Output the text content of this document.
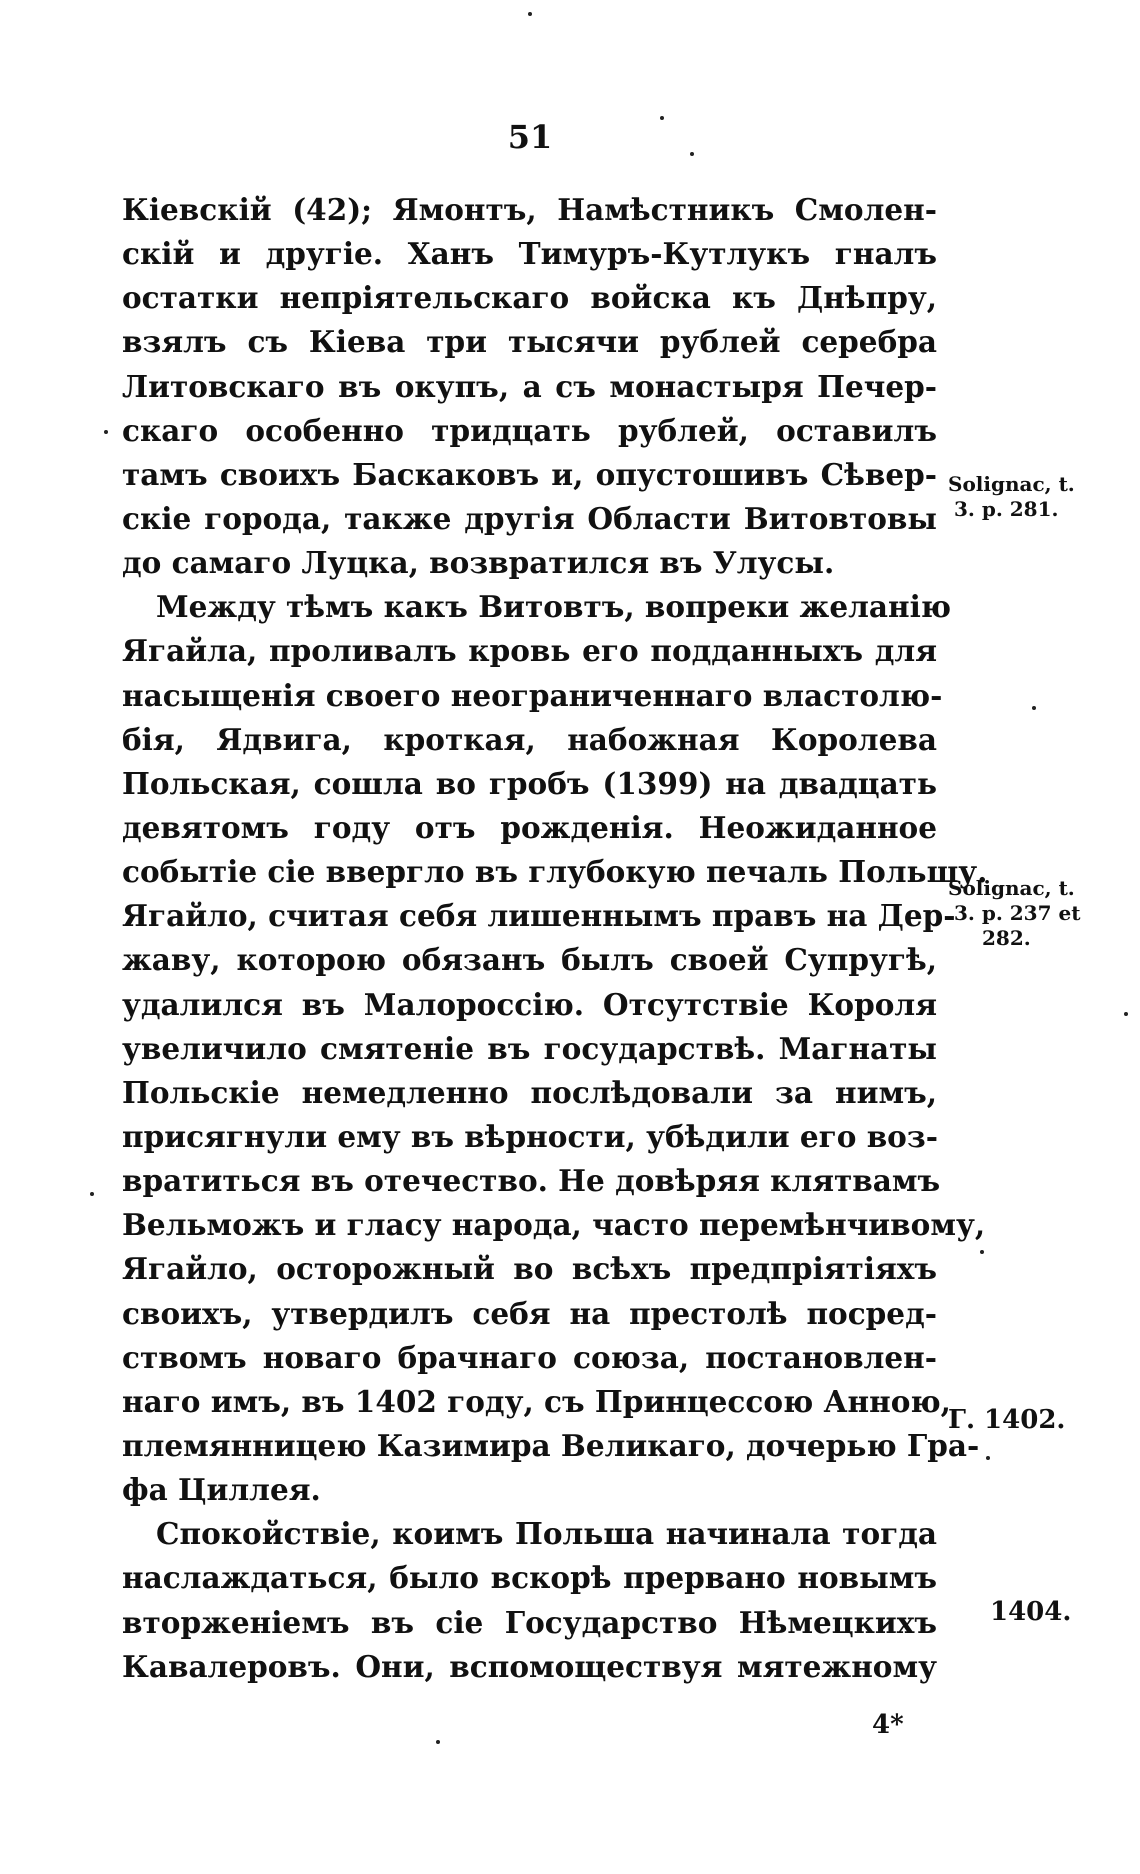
51
Кіевскій (42); Ямонтъ, Намѣстникъ Смолен-
скій и другіе. Ханъ Тимуръ-Кутлукъ гналъ
остатки непріятельскаго войска къ Днѣпру,
взялъ съ Кіева три тысячи рублей серебра
Литовскаго въ окупъ, а съ монастыря Печер-
скаго особенно тридцать рублей, оставилъ
тамъ своихъ Баскаковъ и, опустошивъ Сѣвер-
скіе города, также другія Области Витовтовы
до самаго Луцка, возвратился въ Улусы.
Между тѣмъ какъ Витовтъ, вопреки желанію
Ягайла, проливалъ кровь его подданныхъ для
насыщенія своего неограниченнаго властолю-
бія, Ядвига, кроткая, набожная Королева
Польская, сошла во гробъ (1399) на двадцать
девятомъ году отъ рожденія. Неожиданное
событіе сіе ввергло въ глубокую печаль Польшу.
Ягайло, считая себя лишеннымъ правъ на Дер-
жаву, которою обязанъ былъ своей Супругѣ,
удалился въ Малороссію. Отсутствіе Короля
увеличило смятеніе въ государствѣ. Магнаты
Польскіе немедленно послѣдовали за нимъ,
присягнули ему въ вѣрности, убѣдили его воз-
вратиться въ отечество. Не довѣряя клятвамъ
Вельможъ и гласу народа, часто перемѣнчивому,
Ягайло, осторожный во всѣхъ предпріятіяхъ
своихъ, утвердилъ себя на престолѣ посред-
ствомъ новаго брачнаго союза, постановлен-
наго имъ, въ 1402 году, съ Принцессою Анною,
племянницею Казимира Великаго, дочерью Гра-
фа Циллея.
Спокойствіе, коимъ Польша начинала тогда
наслаждаться, было вскорѣ прервано новымъ
вторженіемъ въ сіе Государство Нѣмецкихъ
Кавалеровъ. Они, вспомоществуя мятежному
Solignac, t.
3. p. 281.
Solignac, t.
3. p. 237 et
282.
Г. 1402.
1404.
4*
